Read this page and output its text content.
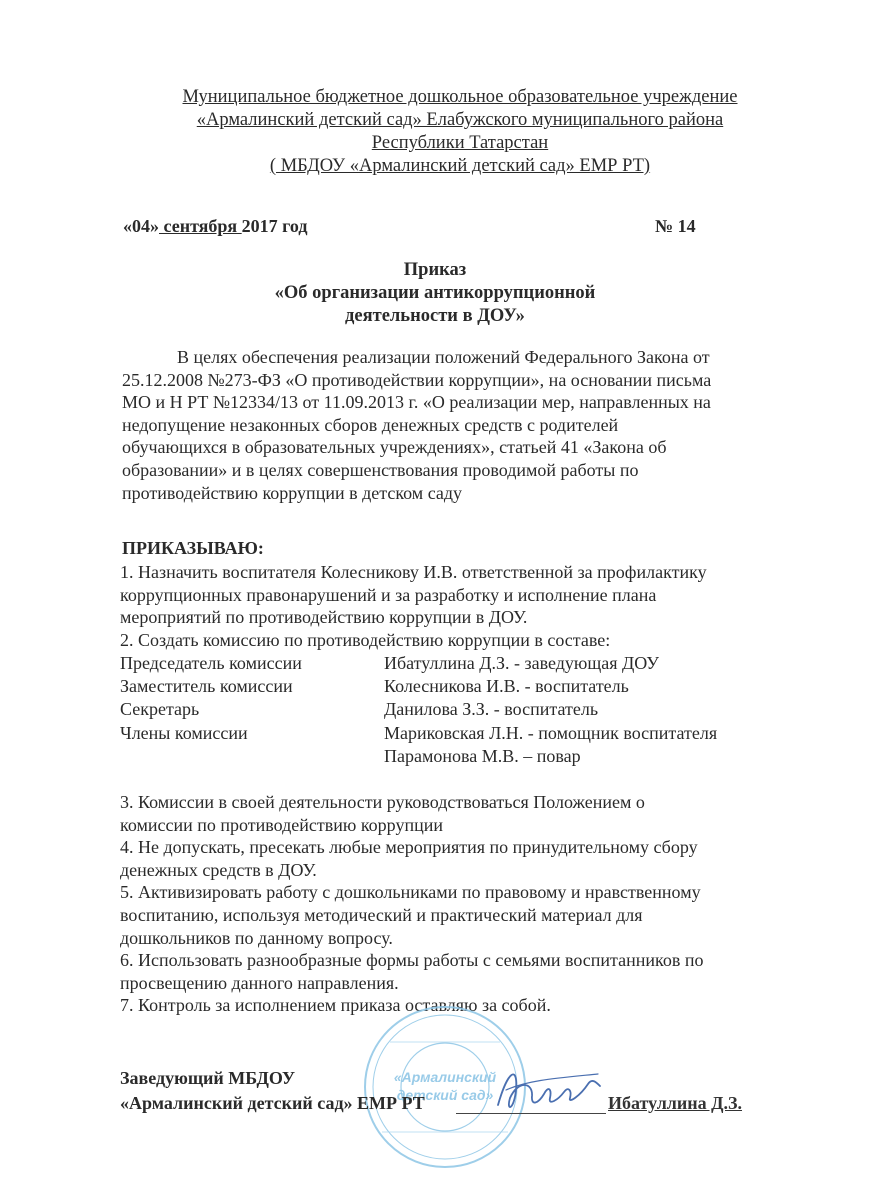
Муниципальное бюджетное дошкольное образовательное учреждение
«Армалинский детский сад» Елабужского муниципального района
Республики Татарстан
( МБДОУ «Армалинский детский сад» ЕМР РТ)
«04» сентября 2017 год	№ 14
Приказ
«Об организации антикоррупционной
деятельности в ДОУ»
В целях обеспечения реализации положений Федерального Закона от
25.12.2008 №273-ФЗ «О противодействии коррупции», на основании письма
МО и Н РТ №12334/13 от 11.09.2013 г. «О реализации мер, направленных на
недопущение незаконных сборов денежных средств с родителей
обучающихся в образовательных учреждениях», статьей 41 «Закона об
образовании» и в целях совершенствования проводимой работы по
противодействию коррупции в детском саду
ПРИКАЗЫВАЮ:
1. Назначить воспитателя Колесникову И.В. ответственной за профилактику
коррупционных правонарушений и за разработку и исполнение плана
мероприятий по противодействию коррупции в ДОУ.
2. Создать комиссию по противодействию коррупции в составе:
Председатель комиссии	Ибатуллина Д.З. - заведующая ДОУ
Заместитель комиссии	Колесникова И.В. - воспитатель
Секретарь	Данилова З.З. - воспитатель
Члены комиссии	Мариковская Л.Н. - помощник воспитателя
Парамонова М.В. – повар
3. Комиссии в своей деятельности руководствоваться Положением о
комиссии по противодействию коррупции
4. Не допускать, пресекать любые мероприятия по принудительному сбору
денежных средств в ДОУ.
5. Активизировать работу с дошкольниками по правовому и нравственному
воспитанию, используя методический и практический материал для
дошкольников по данному вопросу.
6. Использовать разнообразные формы работы с семьями воспитанников по
просвещению данного направления.
7. Контроль за исполнением приказа оставляю за собой.
«Армалинский
детский сад»
Заведующий МБДОУ
«Армалинский детский сад» ЕМР РТ	Ибатуллина Д.З.
